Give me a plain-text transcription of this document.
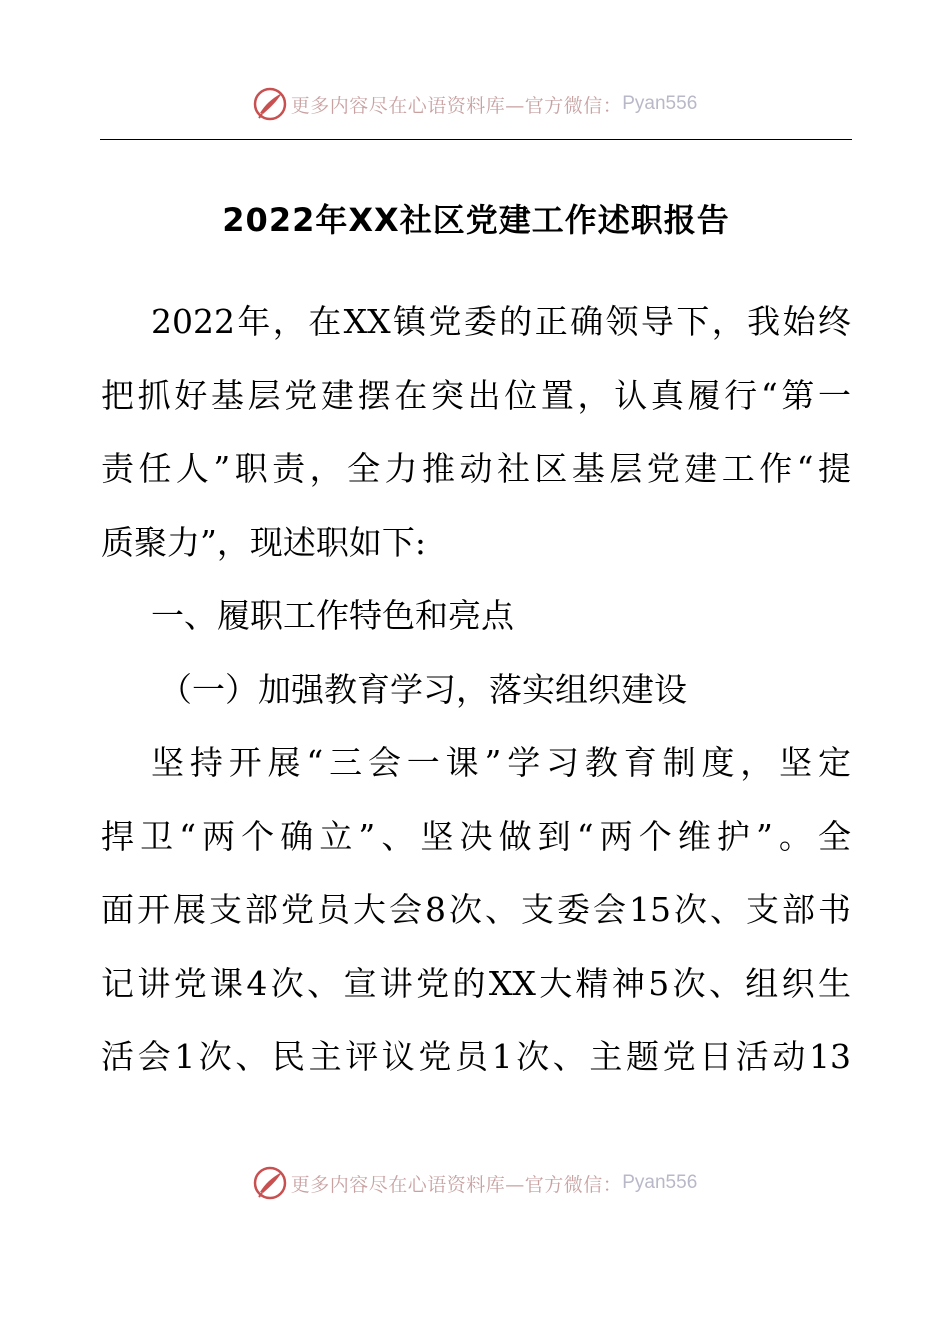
更多内容尽在心语资料库—官方微信： Pyan556
2022年XX社区党建工作述职报告
2022年，在XX镇党委的正确领导下，我始终
把抓好基层党建摆在突出位置，认真履行“第一
责任人”职责，全力推动社区基层党建工作“提
质聚力”，现述职如下:
一、履职工作特色和亮点
（一）加强教育学习，落实组织建设
坚持开展“三会一课”学习教育制度，坚定
捍卫“两个确立”、坚决做到“两个维护”。全
面开展支部党员大会8次、支委会15次、支部书
记讲党课4次、宣讲党的XX大精神5次、组织生
活会1次、民主评议党员1次、主题党日活动13
更多内容尽在心语资料库—官方微信： Pyan556
